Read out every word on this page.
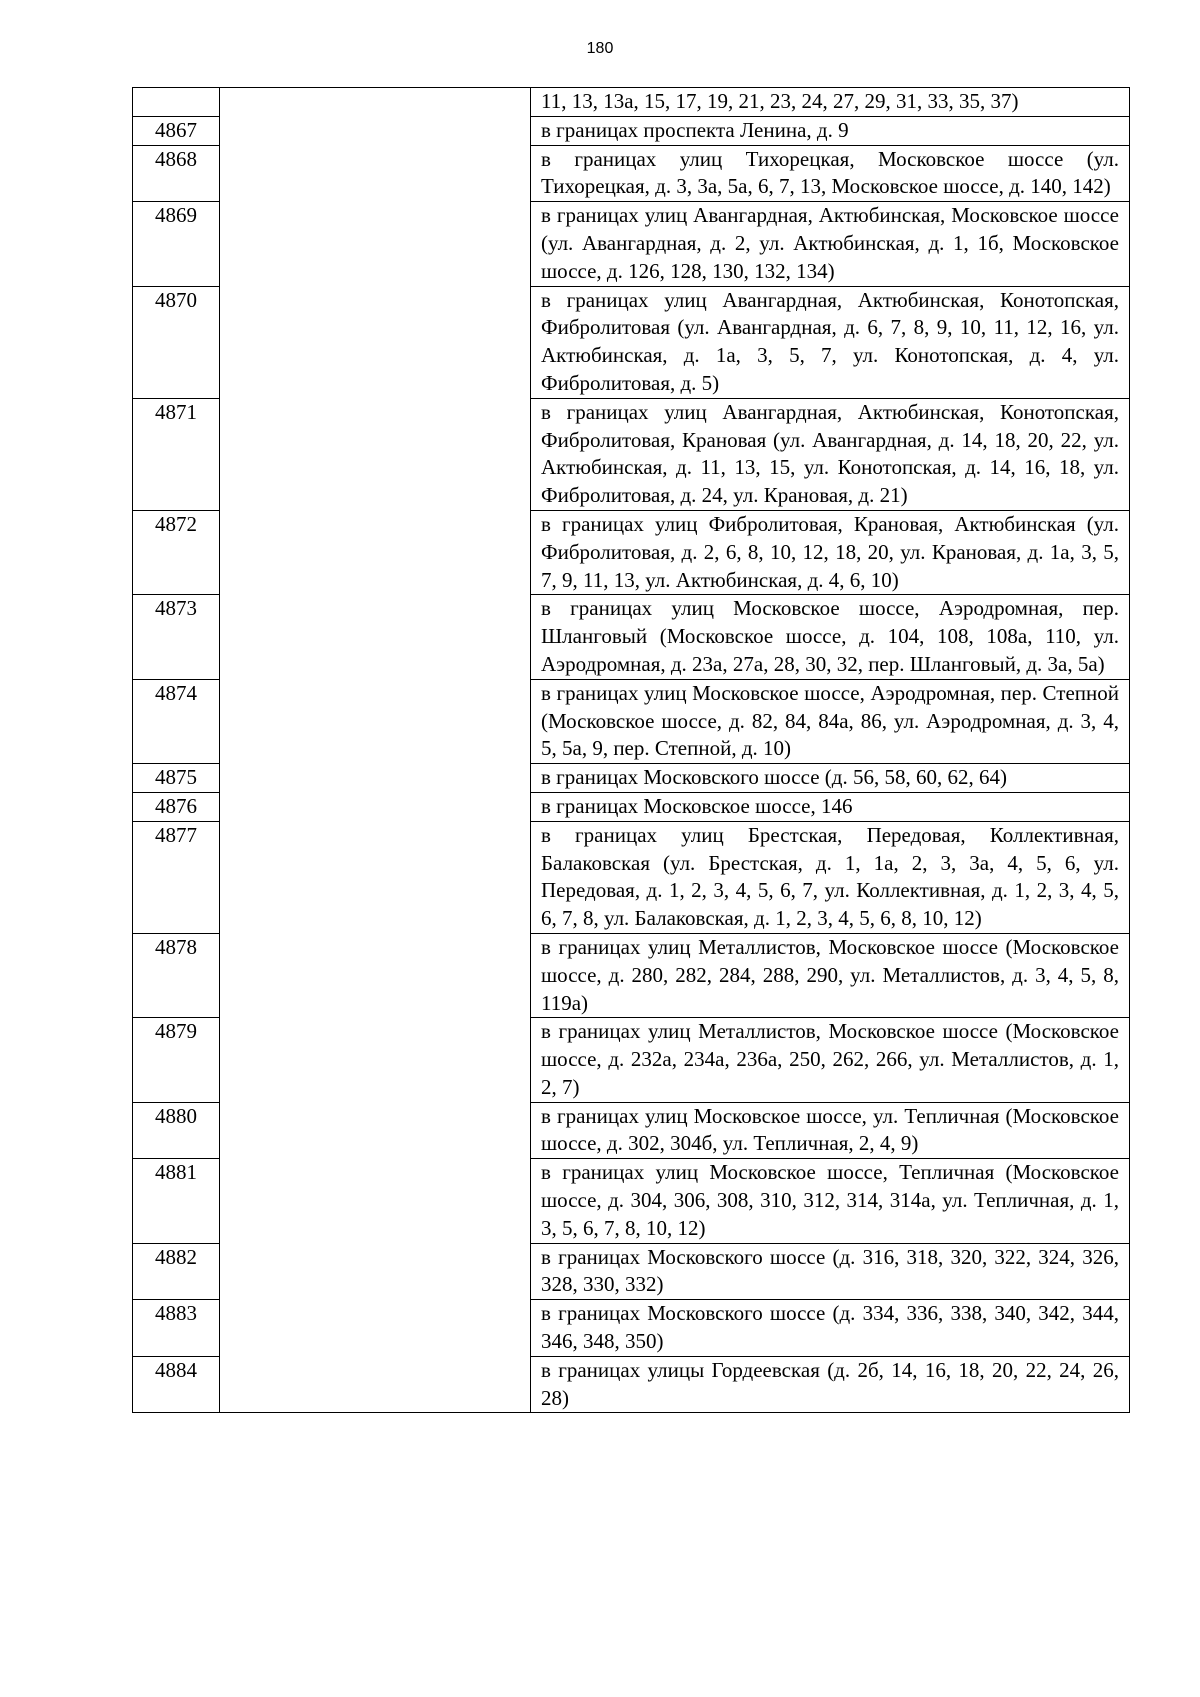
180
		11, 13, 13а, 15, 17, 19, 21, 23, 24, 27, 29, 31, 33, 35, 37)
4867		в границах проспекта Ленина, д. 9
4868		в границах улиц Тихорецкая, Московское шоссе (ул. Тихорецкая, д. 3, 3а, 5а, 6, 7, 13, Московское шоссе, д. 140, 142)
4869		в границах улиц Авангардная, Актюбинская, Московское шоссе (ул. Авангардная, д. 2, ул. Актюбинская, д. 1, 1б, Московское шоссе, д. 126, 128, 130, 132, 134)
4870		в границах улиц Авангардная, Актюбинская, Конотопская, Фибролитовая (ул. Авангардная, д. 6, 7, 8, 9, 10, 11, 12, 16, ул. Актюбинская, д. 1а, 3, 5, 7, ул. Конотопская, д. 4, ул. Фибролитовая, д. 5)
4871		в границах улиц Авангардная, Актюбинская, Конотопская, Фибролитовая, Крановая (ул. Авангардная, д. 14, 18, 20, 22, ул. Актюбинская, д. 11, 13, 15, ул. Конотопская, д. 14, 16, 18, ул. Фибролитовая, д. 24, ул. Крановая, д. 21)
4872		в границах улиц Фибролитовая, Крановая, Актюбинская (ул. Фибролитовая, д. 2, 6, 8, 10, 12, 18, 20, ул. Крановая, д. 1а, 3, 5, 7, 9, 11, 13, ул. Актюбинская, д. 4, 6, 10)
4873		в границах улиц Московское шоссе, Аэродромная, пер. Шланговый (Московское шоссе, д. 104, 108, 108а, 110, ул. Аэродромная, д. 23а, 27а, 28, 30, 32, пер. Шланговый, д. 3а, 5а)
4874		в границах улиц Московское шоссе, Аэродромная, пер. Степной (Московское шоссе, д. 82, 84, 84а, 86, ул. Аэродромная, д. 3, 4, 5, 5а, 9, пер. Степной, д. 10)
4875		в границах Московского шоссе (д. 56, 58, 60, 62, 64)
4876		в границах Московское шоссе, 146
4877		в границах улиц Брестская, Передовая, Коллективная, Балаковская (ул. Брестская, д. 1, 1а, 2, 3, 3а, 4, 5, 6, ул. Передовая, д. 1, 2, 3, 4, 5, 6, 7, ул. Коллективная, д. 1, 2, 3, 4, 5, 6, 7, 8, ул. Балаковская, д. 1, 2, 3, 4, 5, 6, 8, 10, 12)
4878		в границах улиц Металлистов, Московское шоссе (Московское шоссе, д. 280, 282, 284, 288, 290, ул. Металлистов, д. 3, 4, 5, 8, 119а)
4879		в границах улиц Металлистов, Московское шоссе (Московское шоссе, д. 232а, 234а, 236а, 250, 262, 266, ул. Металлистов, д. 1, 2, 7)
4880		в границах улиц Московское шоссе, ул. Тепличная (Московское шоссе, д. 302, 304б, ул. Тепличная, 2, 4, 9)
4881		в границах улиц Московское шоссе, Тепличная (Московское шоссе, д. 304, 306, 308, 310, 312, 314, 314а, ул. Тепличная, д. 1, 3, 5, 6, 7, 8, 10, 12)
4882		в границах Московского шоссе (д. 316, 318, 320, 322, 324, 326, 328, 330, 332)
4883		в границах Московского шоссе (д. 334, 336, 338, 340, 342, 344, 346, 348, 350)
4884		в границах улицы Гордеевская (д. 2б, 14, 16, 18, 20, 22, 24, 26, 28)
